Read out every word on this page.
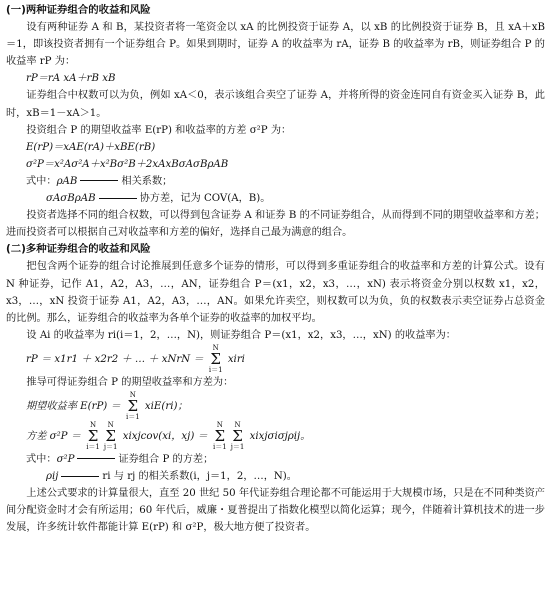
(一)两种证券组合的收益和风险

设有两种证券 A 和 B，某投资者将一笔资金以 xA 的比例投资于证券 A，以 xB 的比例投资于证券 B，且 xA＋xB＝1，即该投资者拥有一个证券组合 P。如果到期时，证券 A 的收益率为 rA，证券 B 的收益率为 rB，则证券组合 P 的收益率 rP 为：

rP＝rA xA＋rB xB

证券组合中权数可以为负，例如 xA＜0，表示该组合卖空了证券 A，并将所得的资金连同自有资金买入证券 B，此时，xB＝1－xA＞1。

投资组合 P 的期望收益率 E(rP) 和收益率的方差 σ²P 为：

E(rP)＝xAE(rA)＋xBE(rB)

σ²P＝x²Aσ²A＋x²Bσ²B＋2xAxBσAσBρAB

式中：ρAB	相关系数；

σAσBρAB	协方差，记为 COV(A，B)。

投资者选择不同的组合权数，可以得到包含证券 A 和证券 B 的不同证券组合，从而得到不同的期望收益率和方差；进而投资者可以根据自己对收益率和方差的偏好，选择自己最为满意的组合。

(二)多种证券组合的收益和风险

把包含两个证券的组合讨论推展到任意多个证券的情形，可以得到多重证券组合的收益率和方差的计算公式。设有 N 种证券，记作 A1，A2，A3，…，AN，证券组合 P＝(x1，x2，x3，…，xN) 表示将资金分别以权数 x1，x2，x3，…，xN 投资于证券 A1，A2，A3，…，AN。如果允许卖空，则权数可以为负，负的权数表示卖空证券占总资金的比例。那么，证券组合的收益率为各单个证券的收益率的加权平均。

设 Ai 的收益率为 ri(i＝1，2，…，N)，则证券组合 P＝(x1，x2，x3，…，xN) 的收益率为：

rP ＝ x1r1 ＋ x2r2 ＋ … ＋ xNrN ＝
N
Σ
i＝1
xiri

推导可得证券组合 P 的期望收益率和方差为：

期望收益率 E(rP) ＝
N
Σ
i＝1
xiE(ri)；

方差 σ²P ＝
N
Σ
i＝1
N
Σ
j＝1
xixjcov(xi，xj) ＝
N
Σ
i＝1
N
Σ
j＝1
xixjσiσjρij。

式中：σ²P	证券组合 P 的方差；

ρij	ri 与 rj 的相关系数(i，j＝1，2，…，N)。

上述公式要求的计算量很大，直至 20 世纪 50 年代证券组合理论都不可能运用于大规模市场，只是在不同种类资产间分配资金时才会有所运用；60 年代后，威廉・夏普提出了指数化模型以简化运算；现今，伴随着计算机技术的进一步发展，许多统计软件都能计算 E(rP) 和 σ²P，极大地方便了投资者。
